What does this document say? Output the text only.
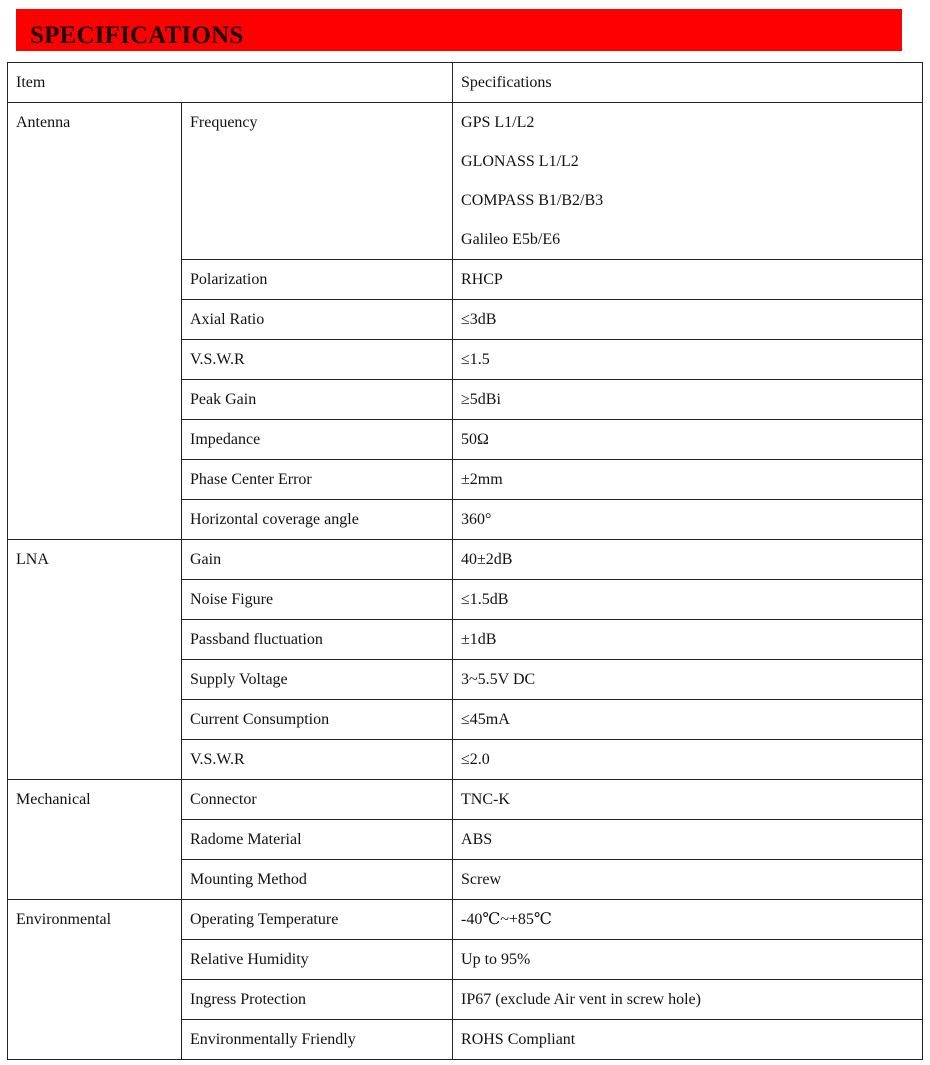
SPECIFICATIONS
Item		Specifications
Antenna	Frequency	GPS L1/L2
GLONASS L1/L2
COMPASS B1/B2/B3
Galileo E5b/E6

	Polarization	RHCP

	Axial Ratio	≤3dB

	V.S.W.R	≤1.5

	Peak Gain	≥5dBi

	Impedance	50Ω

	Phase Center Error	±2mm

	Horizontal coverage angle	360°

LNA	Gain	40±2dB

	Noise Figure	≤1.5dB

	Passband fluctuation	±1dB

	Supply Voltage	3~5.5V DC

	Current Consumption	≤45mA

	V.S.W.R	≤2.0

Mechanical	Connector	TNC-K

	Radome Material	ABS

	Mounting Method	Screw

Environmental	Operating Temperature	-40℃~+85℃

	Relative Humidity	Up to 95%

	Ingress Protection	IP67 (exclude Air vent in screw hole)

	Environmentally Friendly	ROHS Compliant
